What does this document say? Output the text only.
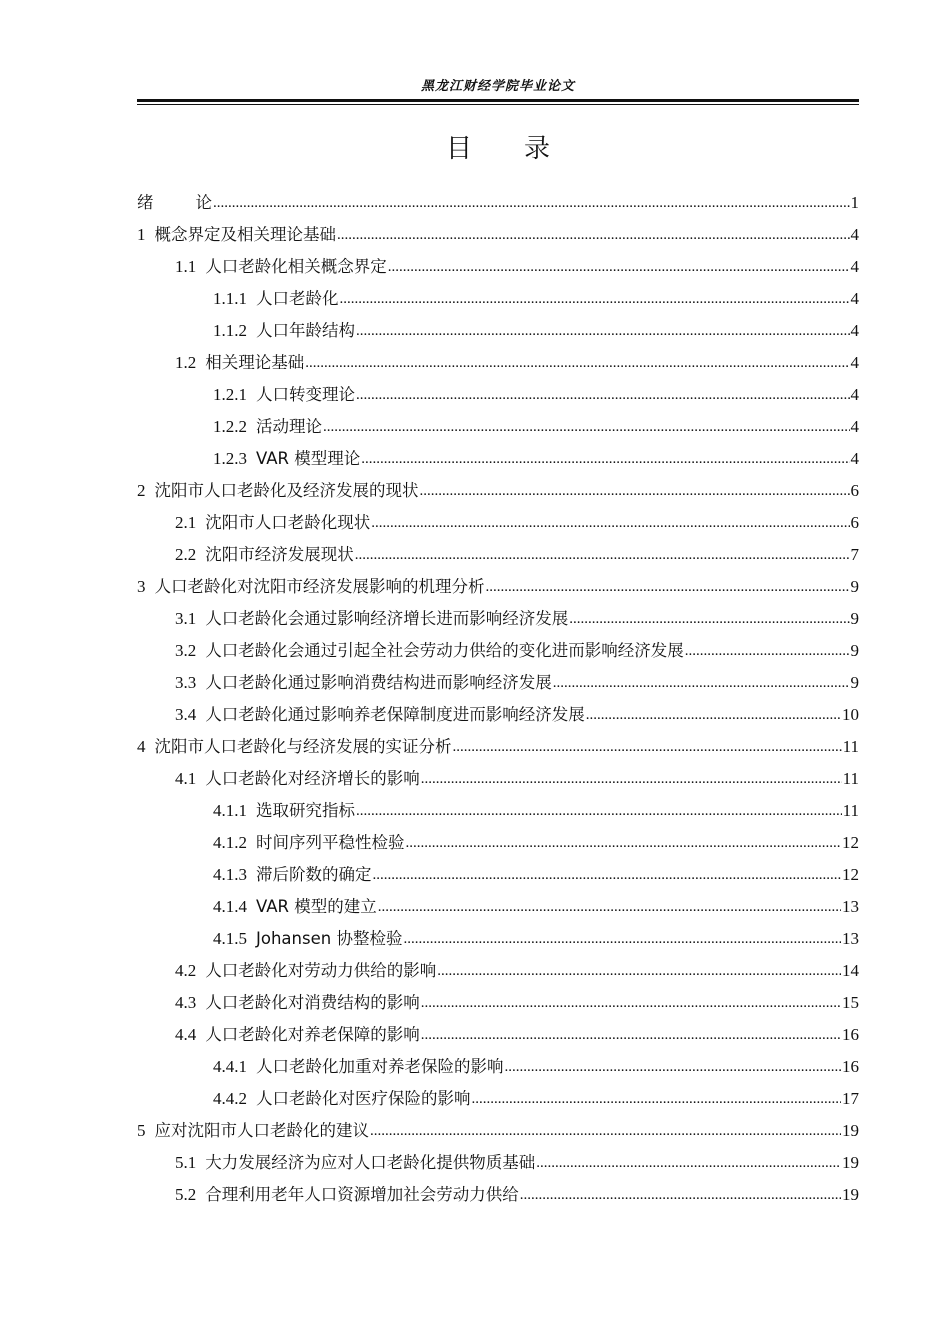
黑龙江财经学院毕业论文
目　　录
绪	论 .....	1
1 概念界定及相关理论基础 .....	4
1.1 人口老龄化相关概念界定 .....	4
1.1.1 人口老龄化 .....	4
1.1.2 人口年龄结构 .....	4
1.2 相关理论基础 .....	4
1.2.1 人口转变理论 .....	4
1.2.2 活动理论 .....	4
1.2.3 VAR 模型理论 .....	4
2 沈阳市人口老龄化及经济发展的现状 .....	6
2.1 沈阳市人口老龄化现状 .....	6
2.2 沈阳市经济发展现状 .....	7
3 人口老龄化对沈阳市经济发展影响的机理分析 .....	9
3.1 人口老龄化会通过影响经济增长进而影响经济发展 .....	9
3.2 人口老龄化会通过引起全社会劳动力供给的变化进而影响经济发展 .....	9
3.3 人口老龄化通过影响消费结构进而影响经济发展 .....	9
3.4 人口老龄化通过影响养老保障制度进而影响经济发展 .....	10
4 沈阳市人口老龄化与经济发展的实证分析 .....	11
4.1 人口老龄化对经济增长的影响 .....	11
4.1.1 选取研究指标 .....	11
4.1.2 时间序列平稳性检验 .....	12
4.1.3 滞后阶数的确定 .....	12
4.1.4 VAR 模型的建立 .....	13
4.1.5 Johansen 协整检验 .....	13
4.2 人口老龄化对劳动力供给的影响 .....	14
4.3 人口老龄化对消费结构的影响 .....	15
4.4 人口老龄化对养老保障的影响 .....	16
4.4.1 人口老龄化加重对养老保险的影响 .....	16
4.4.2 人口老龄化对医疗保险的影响 .....	17
5 应对沈阳市人口老龄化的建议 .....	19
5.1 大力发展经济为应对人口老龄化提供物质基础 .....	19
5.2 合理利用老年人口资源增加社会劳动力供给 .....	19
